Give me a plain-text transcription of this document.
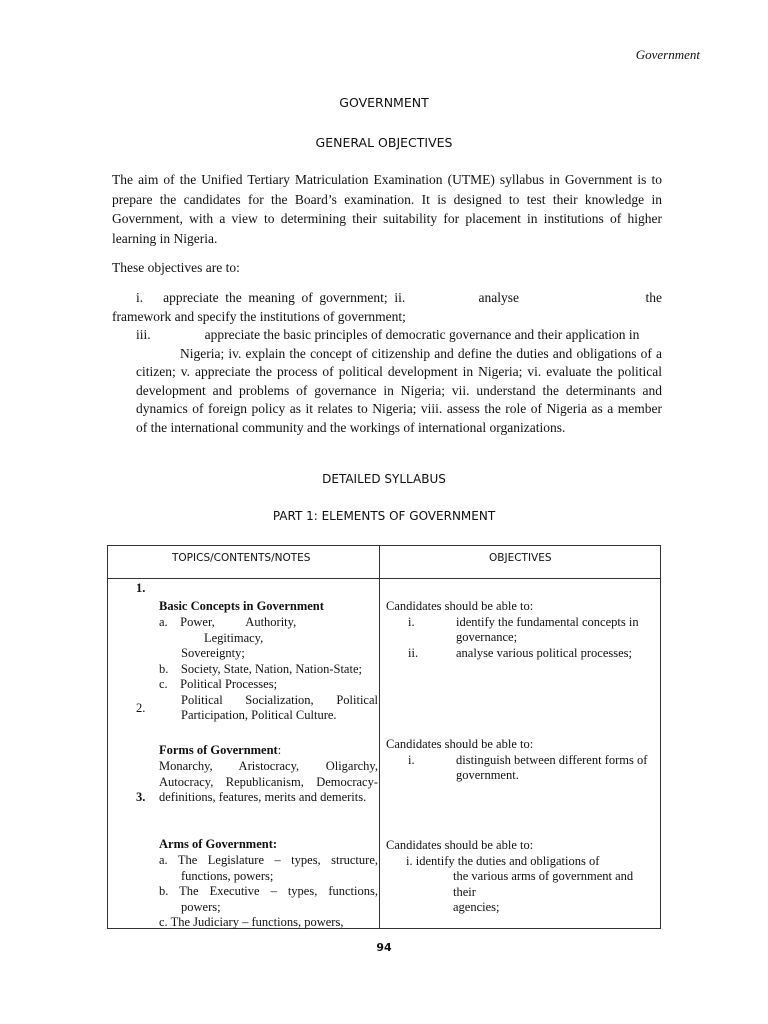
Government
GOVERNMENT
GENERAL OBJECTIVES
The aim of the Unified Tertiary Matriculation Examination (UTME) syllabus in Government is to
prepare the candidates for the Board’s examination. It is designed to test their knowledge in
Government, with a view to determining their suitability for placement in institutions of higher
learning in Nigeria.
These objectives are to:
i.   appreciate the meaning of government; ii.           analyse                   the
framework and specify the institutions of government;
iii.                appreciate the basic principles of democratic governance and their application in
Nigeria; iv. explain the concept of citizenship and define the duties and obligations of a
citizen; v. appreciate the process of political development in Nigeria; vi. evaluate the political
development and problems of governance in Nigeria; vii. understand the determinants and
dynamics of foreign policy as it relates to Nigeria; viii. assess the role of Nigeria as a member
of the international community and the workings of international organizations.
DETAILED SYLLABUS
PART 1: ELEMENTS OF GOVERNMENT
TOPICS/CONTENTS/NOTES	OBJECTIVES
1.
Basic Concepts in Government
a.    Power,          Authority,
Legitimacy,
Sovereignty;
b.    Society, State, Nation, Nation-State;
c.    Political Processes;
Political Socialization, Political
Participation, Political Culture.
Candidates should be able to:
i.	identify the fundamental concepts in
governance;
ii.	analyse various political processes;
2.
Forms of Government:
Monarchy, Aristocracy, Oligarchy,
Autocracy, Republicanism, Democracy-
definitions, features, merits and demerits.
Candidates should be able to:
i.	distinguish between different forms of
government.
3.
Arms of Government:
a. The Legislature – types, structure,
functions, powers;
b. The Executive – types, functions,
powers;
c. The Judiciary – functions, powers,
Candidates should be able to:
i. identify the duties and obligations of
the various arms of government and their
agencies;
94
